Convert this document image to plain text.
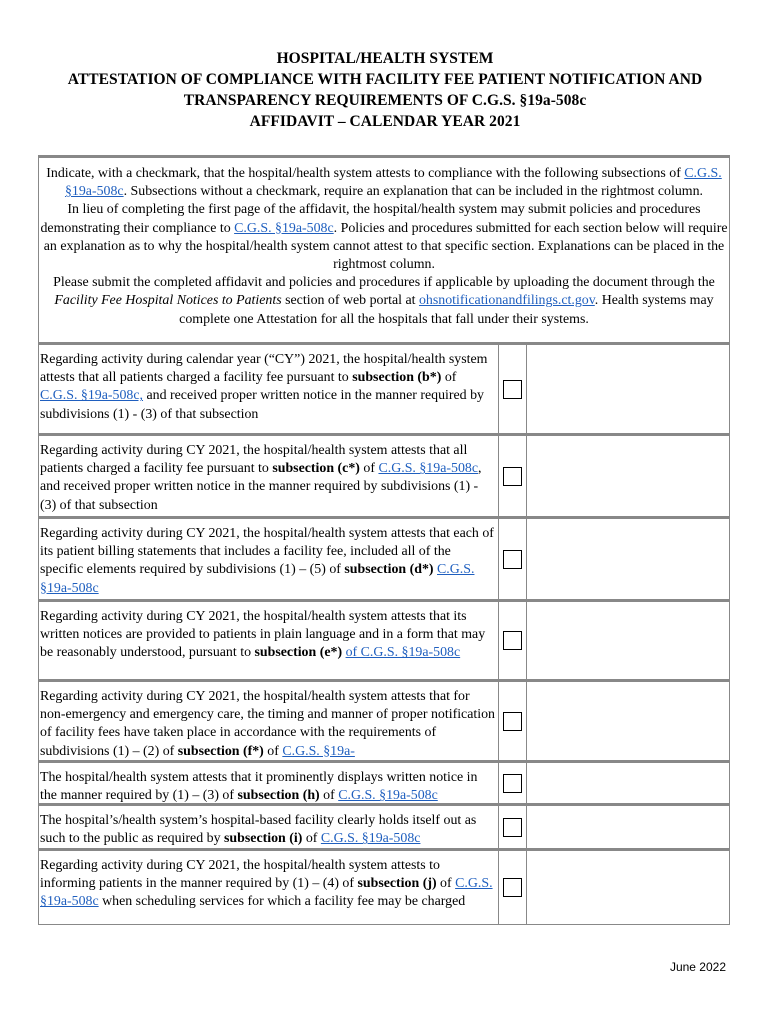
HOSPITAL/HEALTH SYSTEM
ATTESTATION OF COMPLIANCE WITH FACILITY FEE PATIENT NOTIFICATION AND
TRANSPARENCY REQUIREMENTS OF C.G.S. §19a-508c
AFFIDAVIT – CALENDAR YEAR 2021

Indicate, with a checkmark, that the hospital/health system attests to compliance with the following subsections of C.G.S. §19a-508c. Subsections without a checkmark, require an explanation that can be included in the rightmost column.

In lieu of completing the first page of the affidavit, the hospital/health system may submit policies and procedures demonstrating their compliance to C.G.S. §19a-508c. Policies and procedures submitted for each section below will require an explanation as to why the hospital/health system cannot attest to that specific section. Explanations can be placed in the rightmost column.

Please submit the completed affidavit and policies and procedures if applicable by uploading the document through the Facility Fee Hospital Notices to Patients section of web portal at ohsnotificationandfilings.ct.gov. Health systems may complete one Attestation for all the hospitals that fall under their systems.

Regarding activity during calendar year (“CY”) 2021, the hospital/health system attests that all patients charged a facility fee pursuant to subsection (b*) of C.G.S. §19a-508c, and received proper written notice in the manner required by subdivisions (1) - (3) of that subsection
Regarding activity during CY 2021, the hospital/health system attests that all patients charged a facility fee pursuant to subsection (c*) of C.G.S. §19a-508c, and received proper written notice in the manner required by subdivisions (1) - (3) of that subsection
Regarding activity during CY 2021, the hospital/health system attests that each of its patient billing statements that includes a facility fee, included all of the specific elements required by subdivisions (1) – (5) of subsection (d*) C.G.S. §19a-508c
Regarding activity during CY 2021, the hospital/health system attests that its written notices are provided to patients in plain language and in a form that may be reasonably understood, pursuant to subsection (e*) of C.G.S. §19a-508c
Regarding activity during CY 2021, the hospital/health system attests that for non-emergency and emergency care, the timing and manner of proper notification of facility fees have taken place in accordance with the requirements of subdivisions (1) – (2) of subsection (f*) of C.G.S. §19a-
The hospital/health system attests that it prominently displays written notice in the manner required by (1) – (3) of subsection (h) of C.G.S. §19a-508c
The hospital’s/health system’s hospital-based facility clearly holds itself out as such to the public as required by subsection (i) of C.G.S. §19a-508c
Regarding activity during CY 2021, the hospital/health system attests to informing patients in the manner required by (1) – (4) of subsection (j) of C.G.S. §19a-508c when scheduling services for which a facility fee may be charged
June 2022
